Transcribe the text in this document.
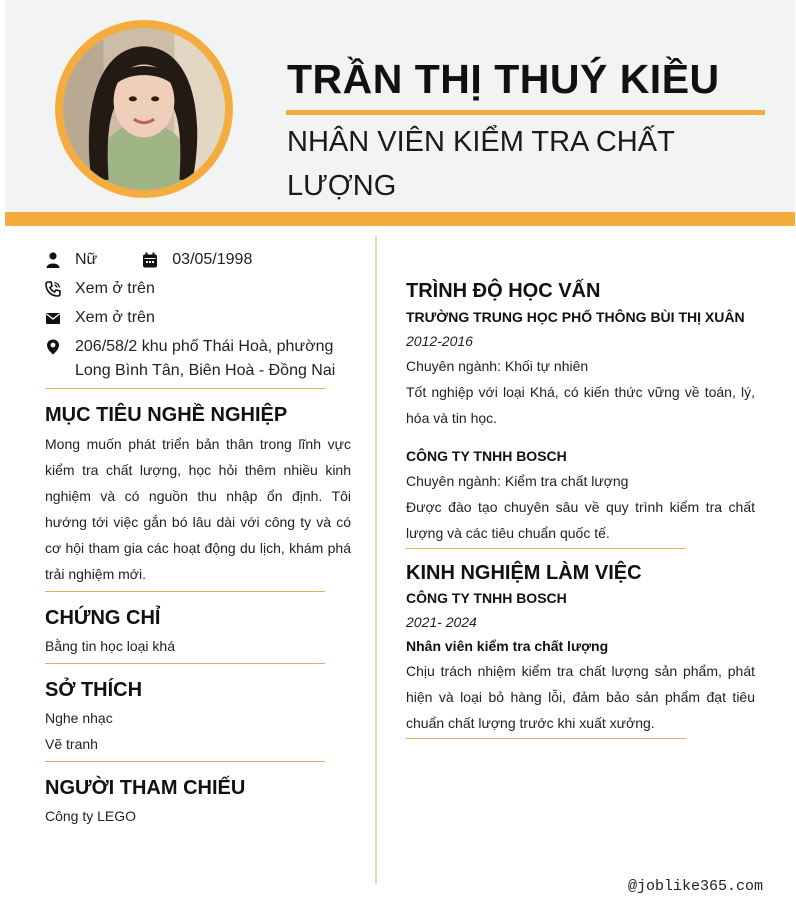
TRẦN THỊ THUÝ KIỀU
NHÂN VIÊN KIỂM TRA CHẤT LƯỢNG
Nữ	03/05/1998
Xem ở trên
Xem ở trên
206/58/2 khu phố Thái Hoà, phường Long Bình Tân, Biên Hoà - Đồng Nai
MỤC TIÊU NGHỀ NGHIỆP
Mong muốn phát triển bản thân trong lĩnh vực kiểm tra chất lượng, học hỏi thêm nhiều kinh nghiệm và có nguồn thu nhập ổn định. Tôi hướng tới việc gắn bó lâu dài với công ty và có cơ hội tham gia các hoạt động du lịch, khám phá trải nghiệm mới.
CHỨNG CHỈ
Bằng tin học loại khá
SỞ THÍCH
Nghe nhạc
Vẽ tranh
NGƯỜI THAM CHIẾU
Công ty LEGO
TRÌNH ĐỘ HỌC VẤN
TRƯỜNG TRUNG HỌC PHỔ THÔNG BÙI THỊ XUÂN
2012-2016
Chuyên ngành: Khối tự nhiên
Tốt nghiệp với loại Khá, có kiến thức vững về toán, lý, hóa và tin học.
CÔNG TY TNHH BOSCH
Chuyên ngành: Kiểm tra chất lượng
Được đào tạo chuyên sâu về quy trình kiểm tra chất lượng và các tiêu chuẩn quốc tế.
KINH NGHIỆM LÀM VIỆC
CÔNG TY TNHH BOSCH
2021- 2024
Nhân viên kiểm tra chất lượng
Chịu trách nhiệm kiểm tra chất lượng sản phẩm, phát hiện và loại bỏ hàng lỗi, đảm bảo sản phẩm đạt tiêu chuẩn chất lượng trước khi xuất xưởng.
@joblike365.com
